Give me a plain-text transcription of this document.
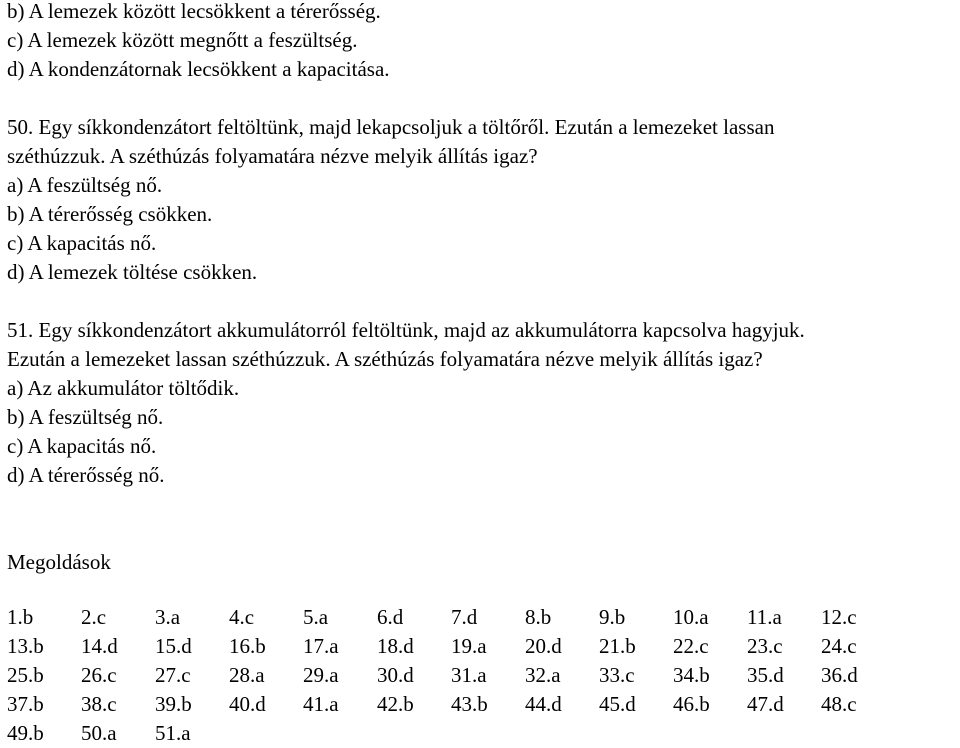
b) A lemezek között lecsökkent a térerősség.
c) A lemezek között megnőtt a feszültség.
d) A kondenzátornak lecsökkent a kapacitása.
50. Egy síkkondenzátort feltöltünk, majd lekapcsoljuk a töltőről. Ezután a lemezeket lassan
széthúzzuk. A széthúzás folyamatára nézve melyik állítás igaz?
a) A feszültség nő.
b) A térerősség csökken.
c) A kapacitás nő.
d) A lemezek töltése csökken.
51. Egy síkkondenzátort akkumulátorról feltöltünk, majd az akkumulátorra kapcsolva hagyjuk.
Ezután a lemezeket lassan széthúzzuk. A széthúzás folyamatára nézve melyik állítás igaz?
a) Az akkumulátor töltődik.
b) A feszültség nő.
c) A kapacitás nő.
d) A térerősség nő.
Megoldások
1.b	2.c	3.a	4.c	5.a	6.d	7.d	8.b	9.b	10.a	11.a	12.c
13.b	14.d	15.d	16.b	17.a	18.d	19.a	20.d	21.b	22.c	23.c	24.c
25.b	26.c	27.c	28.a	29.a	30.d	31.a	32.a	33.c	34.b	35.d	36.d
37.b	38.c	39.b	40.d	41.a	42.b	43.b	44.d	45.d	46.b	47.d	48.c
49.b	50.a	51.a									
